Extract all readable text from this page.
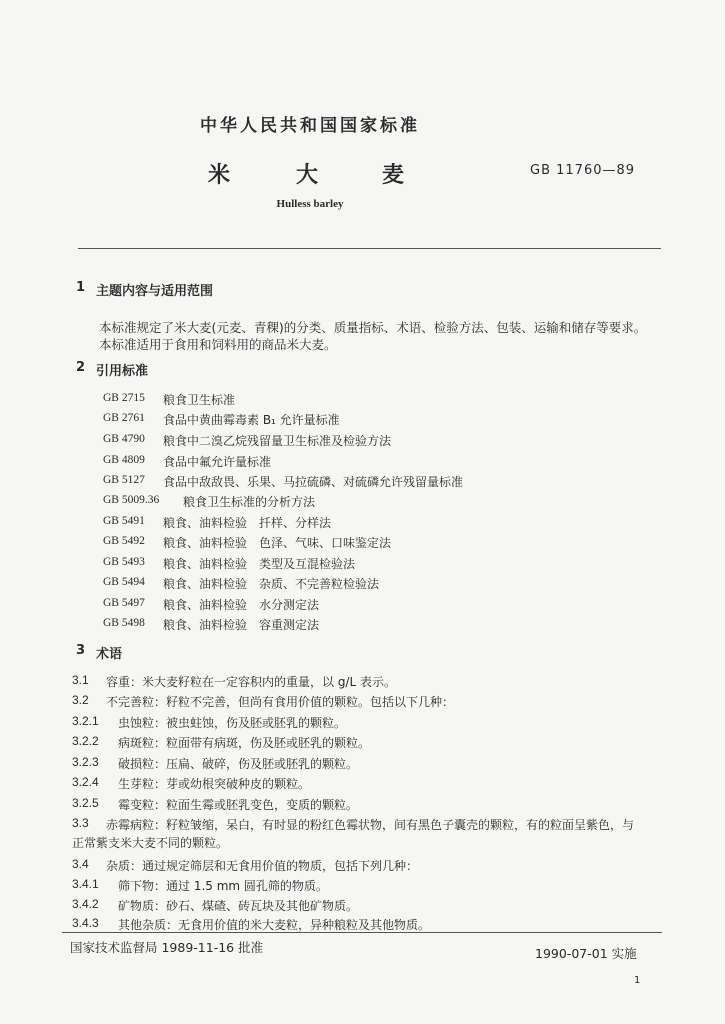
中华人民共和国国家标准
米	大	麦	GB 11760—89
Hulless barley
1 主题内容与适用范围
本标准规定了米大麦(元麦、青稞)的分类、质量指标、术语、检验方法、包装、运输和储存等要求。
本标准适用于食用和饲料用的商品米大麦。
2 引用标准
GB 2715 粮食卫生标准
GB 2761 食品中黄曲霉毒素 B₁ 允许量标准
GB 4790 粮食中二溴乙烷残留量卫生标准及检验方法
GB 4809 食品中氟允许量标准
GB 5127 食品中敌敌畏、乐果、马拉硫磷、对硫磷允许残留量标准
GB 5009.36 粮食卫生标准的分析方法
GB 5491 粮食、油料检验　扦样、分样法
GB 5492 粮食、油料检验　色泽、气味、口味鉴定法
GB 5493 粮食、油料检验　类型及互混检验法
GB 5494 粮食、油料检验　杂质、不完善粒检验法
GB 5497 粮食、油料检验　水分测定法
GB 5498 粮食、油料检验　容重测定法
3 术语
3.1 容重：米大麦籽粒在一定容积内的重量，以 g/L 表示。
3.2 不完善粒：籽粒不完善，但尚有食用价值的颗粒。包括以下几种：
3.2.1 虫蚀粒：被虫蛀蚀，伤及胚或胚乳的颗粒。
3.2.2 病斑粒：粒面带有病斑，伤及胚或胚乳的颗粒。
3.2.3 破损粒：压扁、破碎，伤及胚或胚乳的颗粒。
3.2.4 生芽粒：芽或幼根突破种皮的颗粒。
3.2.5 霉变粒：粒面生霉或胚乳变色，变质的颗粒。
3.3 赤霉病粒：籽粒皱缩，呆白，有时显的粉红色霉状物，间有黑色子囊壳的颗粒，有的粒面呈紫色，与
正常紫支米大麦不同的颗粒。
3.4 杂质：通过规定筛层和无食用价值的物质，包括下列几种：
3.4.1 筛下物：通过 1.5 mm 圆孔筛的物质。
3.4.2 矿物质：砂石、煤碴、砖瓦块及其他矿物质。
3.4.3 其他杂质：无食用价值的米大麦粒，异种粮粒及其他物质。
国家技术监督局 1989-11-16 批准	1990-07-01 实施
1
